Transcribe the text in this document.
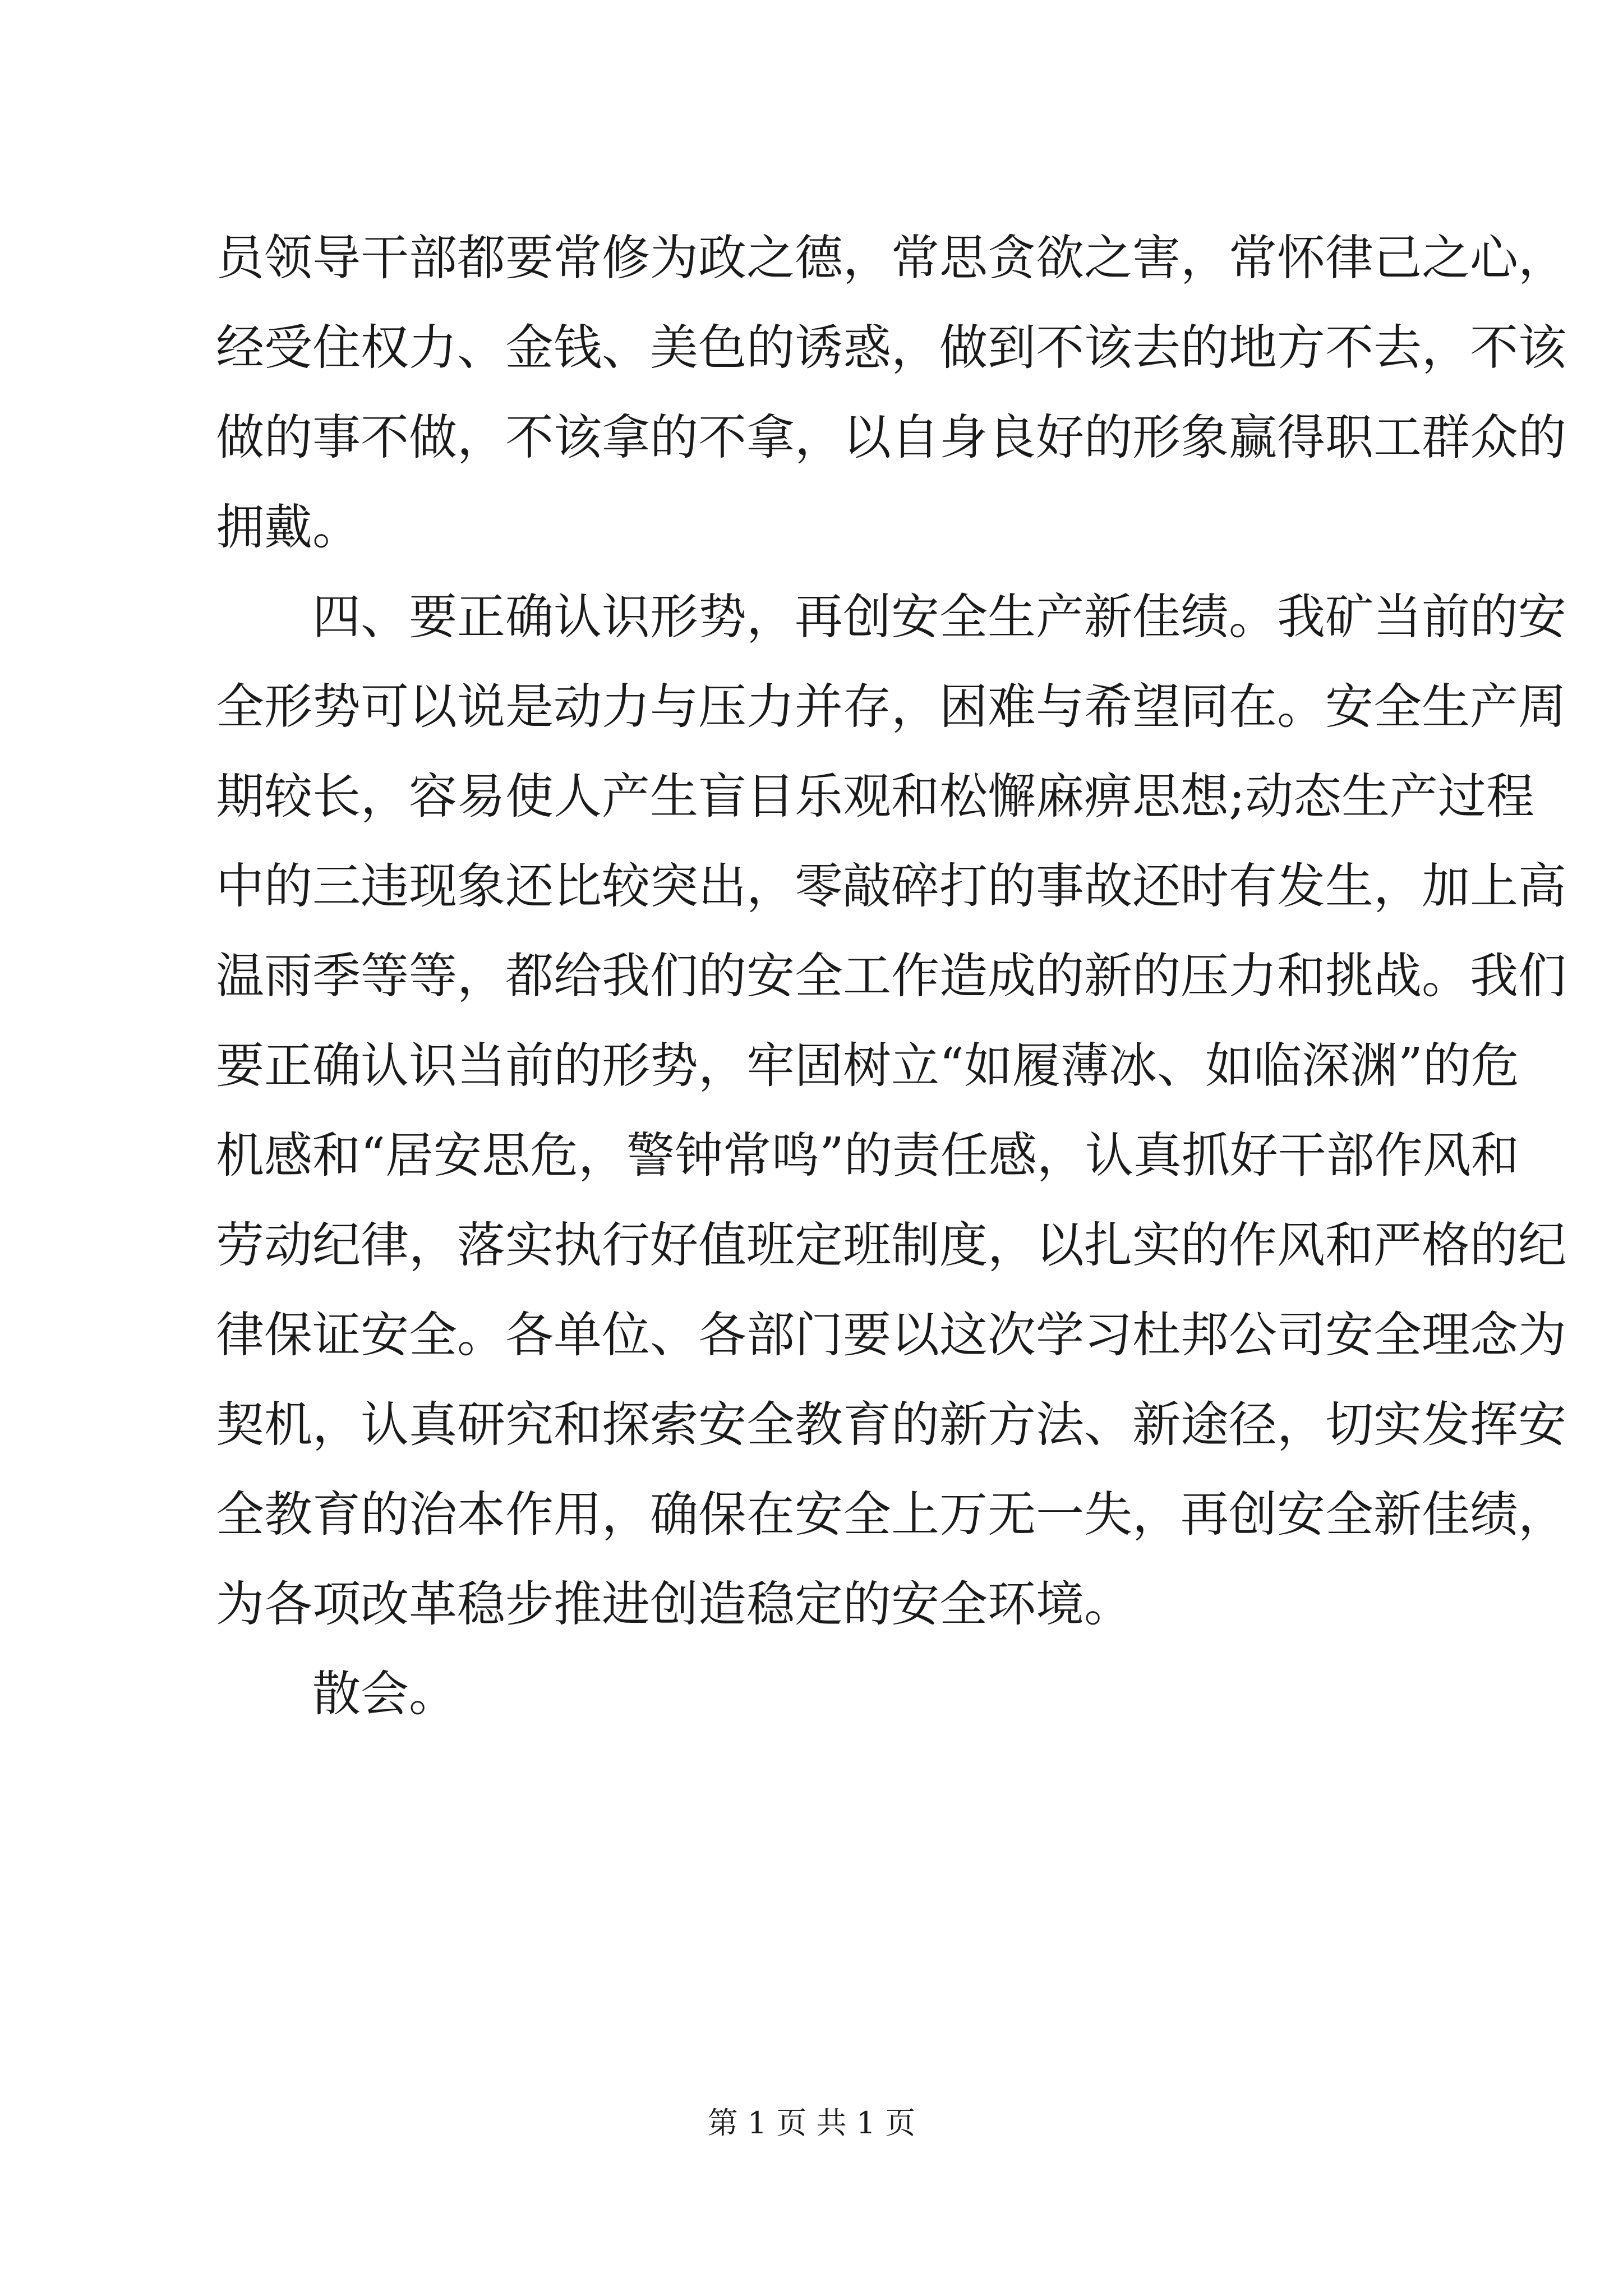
员领导干部都要常修为政之德，常思贪欲之害，常怀律己之心，
经受住权力、金钱、美色的诱惑，做到不该去的地方不去，不该
做的事不做，不该拿的不拿，以自身良好的形象赢得职工群众的
拥戴。
四、要正确认识形势，再创安全生产新佳绩。我矿当前的安
全形势可以说是动力与压力并存，困难与希望同在。安全生产周
期较长，容易使人产生盲目乐观和松懈麻痹思想;动态生产过程
中的三违现象还比较突出，零敲碎打的事故还时有发生，加上高
温雨季等等，都给我们的安全工作造成的新的压力和挑战。我们
要正确认识当前的形势，牢固树立“如履薄冰、如临深渊”的危
机感和“居安思危，警钟常鸣”的责任感，认真抓好干部作风和
劳动纪律，落实执行好值班定班制度，以扎实的作风和严格的纪
律保证安全。各单位、各部门要以这次学习杜邦公司安全理念为
契机，认真研究和探索安全教育的新方法、新途径，切实发挥安
全教育的治本作用，确保在安全上万无一失，再创安全新佳绩，
为各项改革稳步推进创造稳定的安全环境。
散会。
第 1 页 共 1 页
